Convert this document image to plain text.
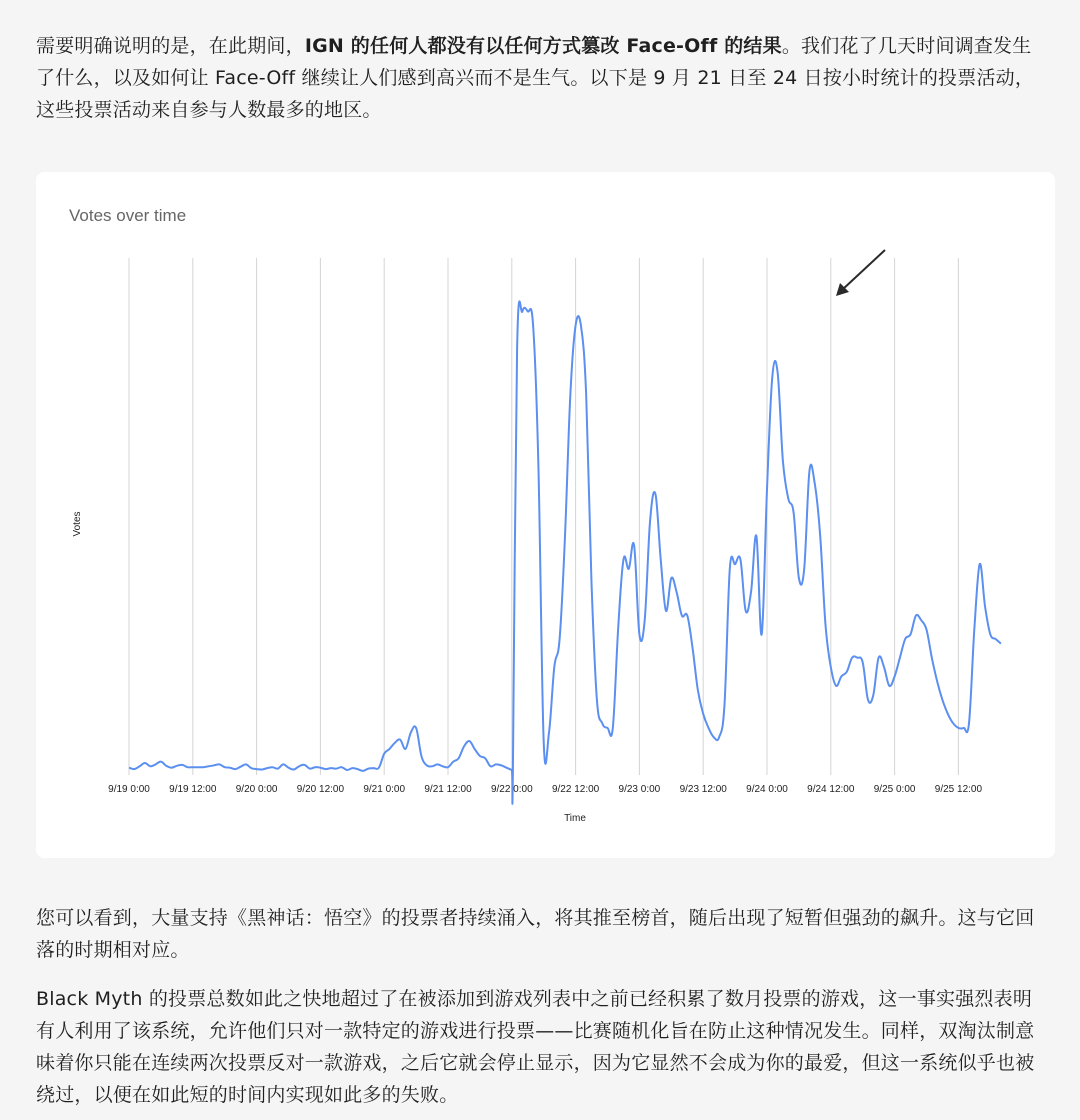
需要明确说明的是，在此期间，IGN 的任何人都没有以任何方式篡改 Face-Off 的结果。我们花了几天时间调查发生了什么，以及如何让 Face-Off 继续让人们感到高兴而不是生气。以下是 9 月 21 日至 24 日按小时统计的投票活动，这些投票活动来自参与人数最多的地区。

Votes over time
9/19 0:00 9/19 12:00 9/20 0:00 9/20 12:00 9/21 0:00 9/21 12:00 9/22 0:00 9/22 12:00 9/23 0:00 9/23 12:00 9/24 0:00 9/24 12:00 9/25 0:00 9/25 12:00
Votes
Time

您可以看到，大量支持《黑神话：悟空》的投票者持续涌入，将其推至榜首，随后出现了短暂但强劲的飙升。这与它回落的时期相对应。

Black Myth 的投票总数如此之快地超过了在被添加到游戏列表中之前已经积累了数月投票的游戏，这一事实强烈表明有人利用了该系统，允许他们只对一款特定的游戏进行投票——比赛随机化旨在防止这种情况发生。同样，双淘汰制意味着你只能在连续两次投票反对一款游戏，之后它就会停止显示，因为它显然不会成为你的最爱，但这一系统似乎也被绕过，以便在如此短的时间内实现如此多的失败。
